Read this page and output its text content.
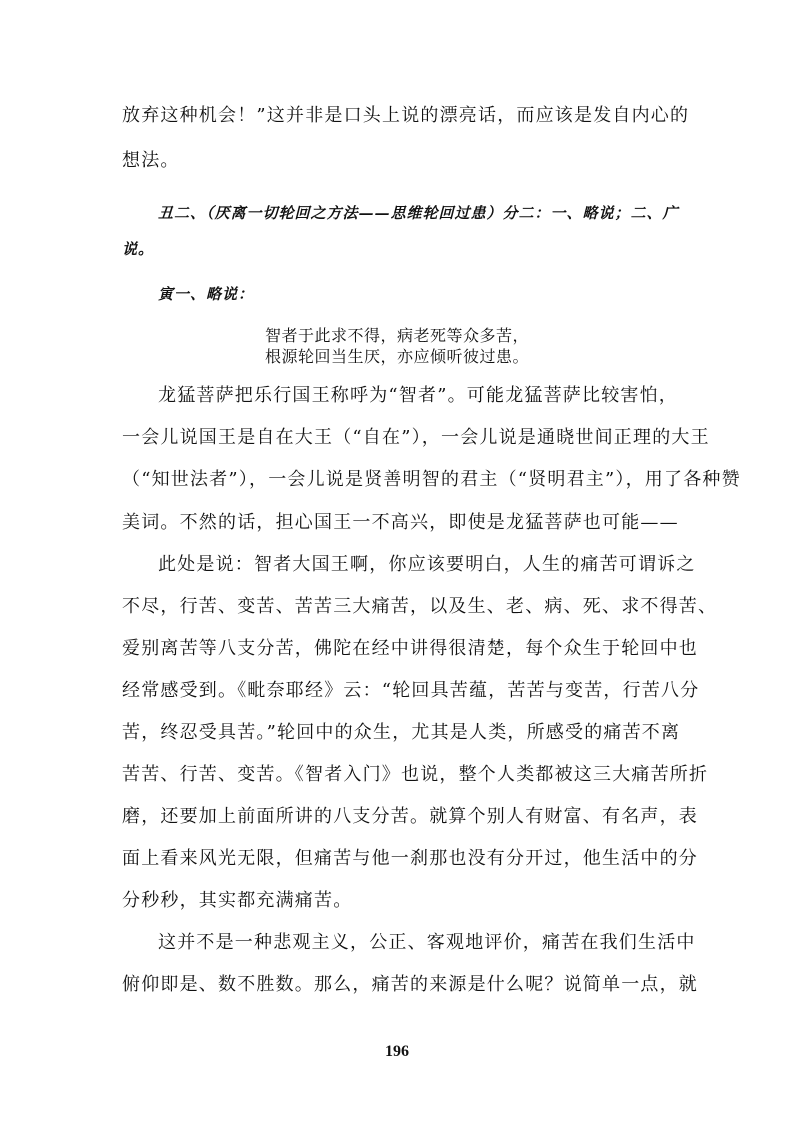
放弃这种机会！”这并非是口头上说的漂亮话，而应该是发自内心的
想法。
丑二、（厌离一切轮回之方法——思维轮回过患）分二：一、略说；二、广
说。
寅一、略说：
智者于此求不得，病老死等众多苦，
根源轮回当生厌，亦应倾听彼过患。
龙猛菩萨把乐行国王称呼为“智者”。可能龙猛菩萨比较害怕，
一会儿说国王是自在大王（“自在”），一会儿说是通晓世间正理的大王
（“知世法者”），一会儿说是贤善明智的君主（“贤明君主”），用了各种赞
美词。不然的话，担心国王一不高兴，即使是龙猛菩萨也可能——
此处是说：智者大国王啊，你应该要明白，人生的痛苦可谓诉之
不尽，行苦、变苦、苦苦三大痛苦，以及生、老、病、死、求不得苦、
爱别离苦等八支分苦，佛陀在经中讲得很清楚，每个众生于轮回中也
经常感受到。《毗奈耶经》云：“轮回具苦蕴，苦苦与变苦，行苦八分
苦，终忍受具苦。”轮回中的众生，尤其是人类，所感受的痛苦不离
苦苦、行苦、变苦。《智者入门》也说，整个人类都被这三大痛苦所折
磨，还要加上前面所讲的八支分苦。就算个别人有财富、有名声，表
面上看来风光无限，但痛苦与他一刹那也没有分开过，他生活中的分
分秒秒，其实都充满痛苦。
这并不是一种悲观主义，公正、客观地评价，痛苦在我们生活中
俯仰即是、数不胜数。那么，痛苦的来源是什么呢？说简单一点，就
196
